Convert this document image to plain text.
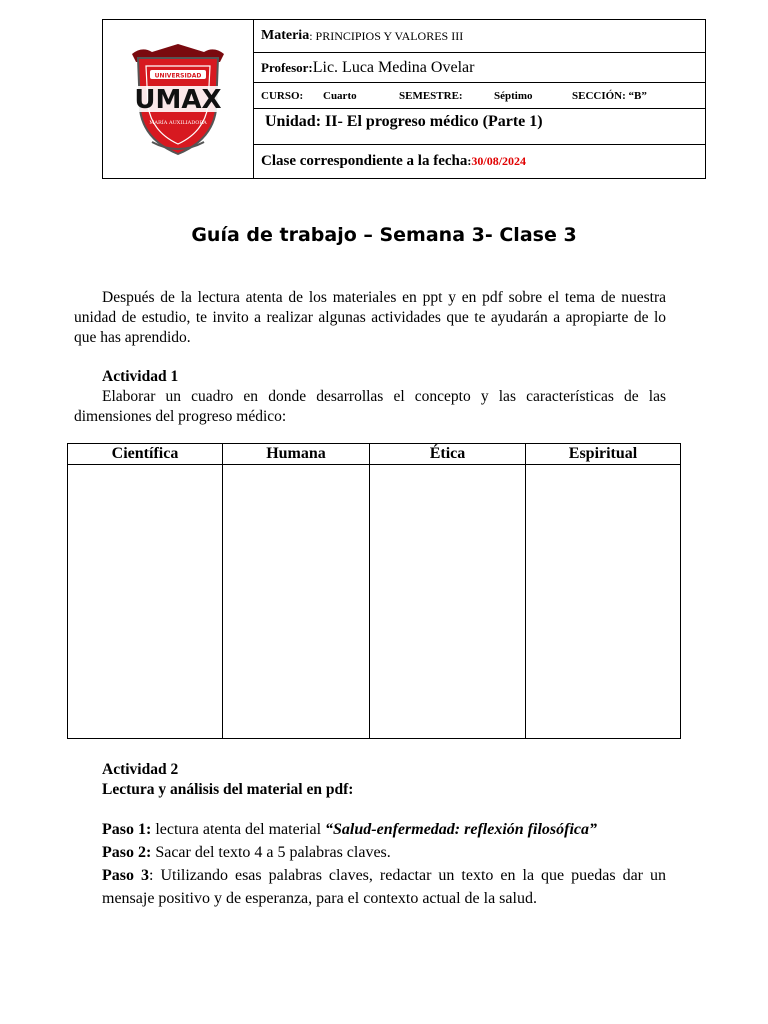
UNIVERSIDAD
UMAX
MARÍA AUXILIADORA
Materia : PRINCIPIOS Y VALORES III
Profesor: Lic. Luca Medina Ovelar
CURSO:	Cuarto	SEMESTRE:	Séptimo	SECCIÓN: “B”
Unidad: II- El progreso médico (Parte 1)
Clase correspondiente a la fecha : 30/08/2024
Guía de trabajo – Semana 3- Clase 3
Después de la lectura atenta de los materiales en ppt y en pdf sobre el tema de nuestra unidad de estudio, te invito a realizar algunas actividades que te ayudarán a apropiarte de lo que has aprendido.
Actividad 1
Elaborar un cuadro en donde desarrollas el concepto y las características de las dimensiones del progreso médico:
Científica	Humana	Ética	Espiritual

Actividad 2
Lectura y análisis del material en pdf:
Paso 1: lectura atenta del material “Salud-enfermedad: reflexión filosófica”
Paso 2: Sacar del texto 4 a 5 palabras claves.
Paso 3: Utilizando esas palabras claves, redactar un texto en la que puedas dar un mensaje positivo y de esperanza, para el contexto actual de la salud.
